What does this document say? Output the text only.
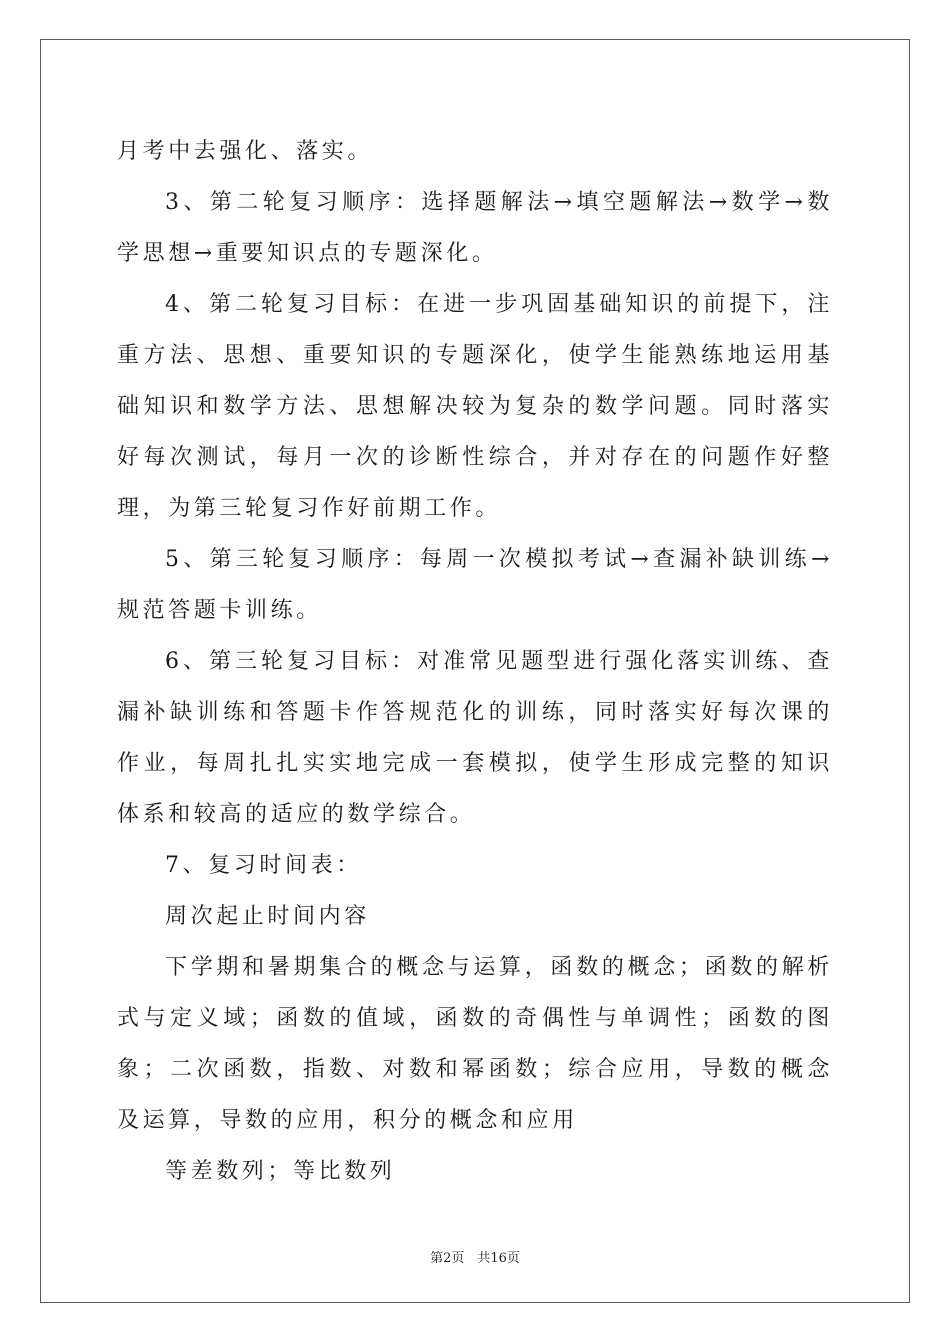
月考中去强化、落实。

3、第二轮复习顺序：选择题解法→填空题解法→数学→数学思想→重要知识点的专题深化。

4、第二轮复习目标：在进一步巩固基础知识的前提下，注重方法、思想、重要知识的专题深化，使学生能熟练地运用基础知识和数学方法、思想解决较为复杂的数学问题。同时落实好每次测试，每月一次的诊断性综合，并对存在的问题作好整理，为第三轮复习作好前期工作。

5、第三轮复习顺序：每周一次模拟考试→查漏补缺训练→规范答题卡训练。

6、第三轮复习目标：对准常见题型进行强化落实训练、查漏补缺训练和答题卡作答规范化的训练，同时落实好每次课的作业，每周扎扎实实地完成一套模拟，使学生形成完整的知识体系和较高的适应的数学综合。

7、复习时间表：

周次起止时间内容

下学期和暑期集合的概念与运算，函数的概念；函数的解析式与定义域；函数的值域，函数的奇偶性与单调性；函数的图象；二次函数，指数、对数和幂函数；综合应用，导数的概念及运算，导数的应用，积分的概念和应用

等差数列；等比数列

第2页　共16页
